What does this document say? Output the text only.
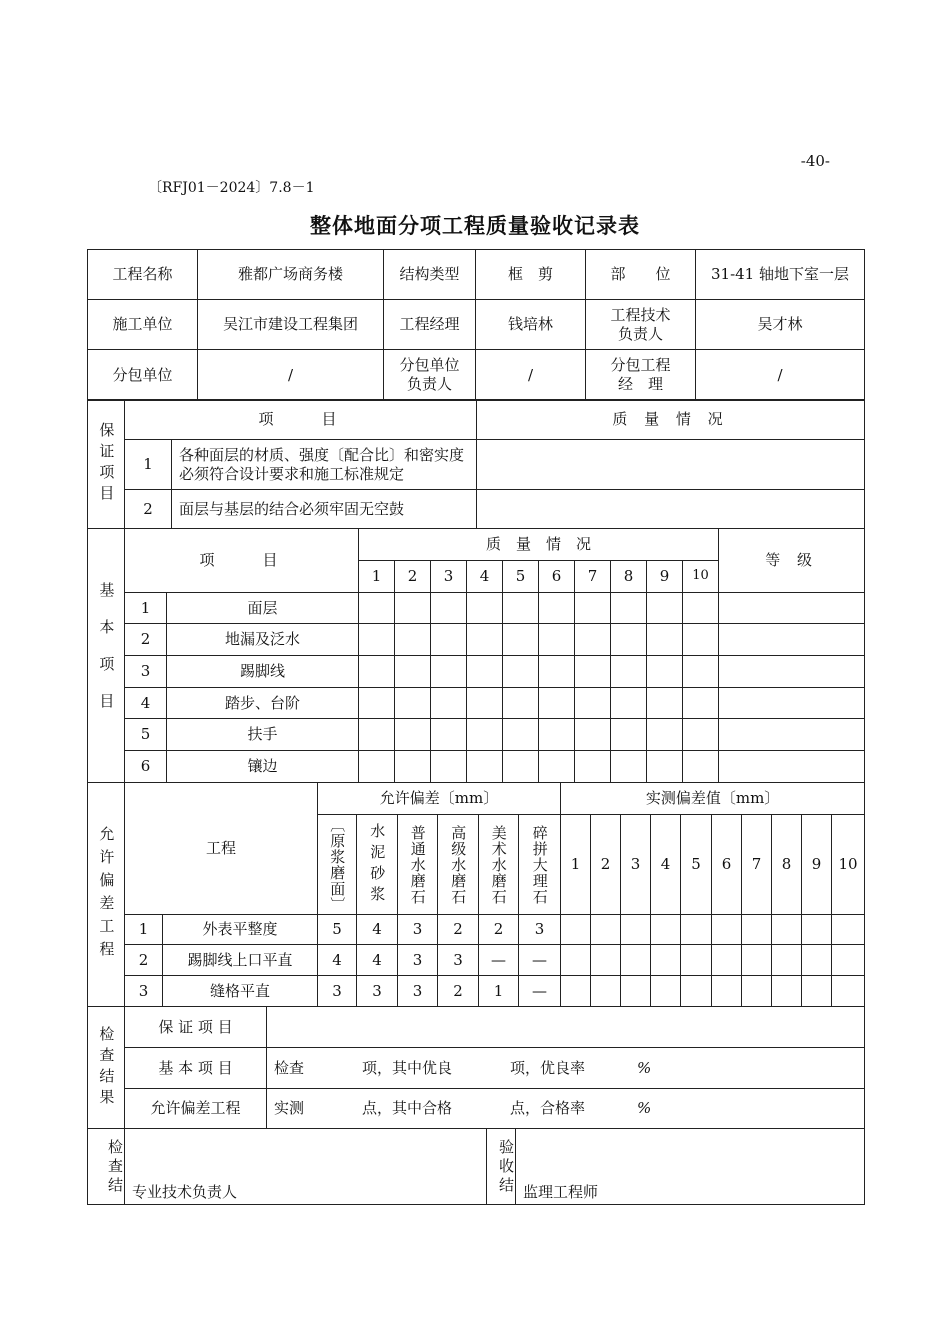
-40-
〔RFJ01－2024〕7.8－1
整体地面分项工程质量验收记录表
工程名称	雅都广场商务楼	结构类型	框　剪	部　　位	31-41 轴地下室一层
施工单位	吴江市建设工程集团	工程经理	钱培林	工程技术负责人	吴才林
分包单位	/	分包单位负责人	/	分包工程经　理	/
保证项目	项　　目		质 量 情 况
	1	各种面层的材质、强度〔配合比〕和密实度必须符合设计要求和施工标准规定	
	2	面层与基层的结合必须牢固无空鼓	
基本项目	项　　目		质　量　情　况										等 级
			1	2	3	4	5	6	7	8	9	10	
	1	面层											
	2	地漏及泛水											
	3	踢脚线											
	4	踏步、台阶											
	5	扶手											
	6	镶边											
允许偏差工程	工程		允许偏差〔mm〕						实测偏差值〔mm〕									
			〔原浆磨面〕	水泥砂浆	普通水磨石	高级水磨石	美术水磨石	碎拼大理石	1	2	3	4	5	6	7	8	9	10
	1	外表平整度	5	4	3	2	2	3										
	2	踢脚线上口平直	4	4	3	3	—	—										
	3	缝格平直	3	3	3	2	1	—										
检查结果	保 证 项 目	
	基 本 项 目	检查 项，其中优良 项，优良率 %
	允许偏差工程	实测 点，其中合格 点，合格率 %
检查结	专业技术负责人	验收结	监理工程师
